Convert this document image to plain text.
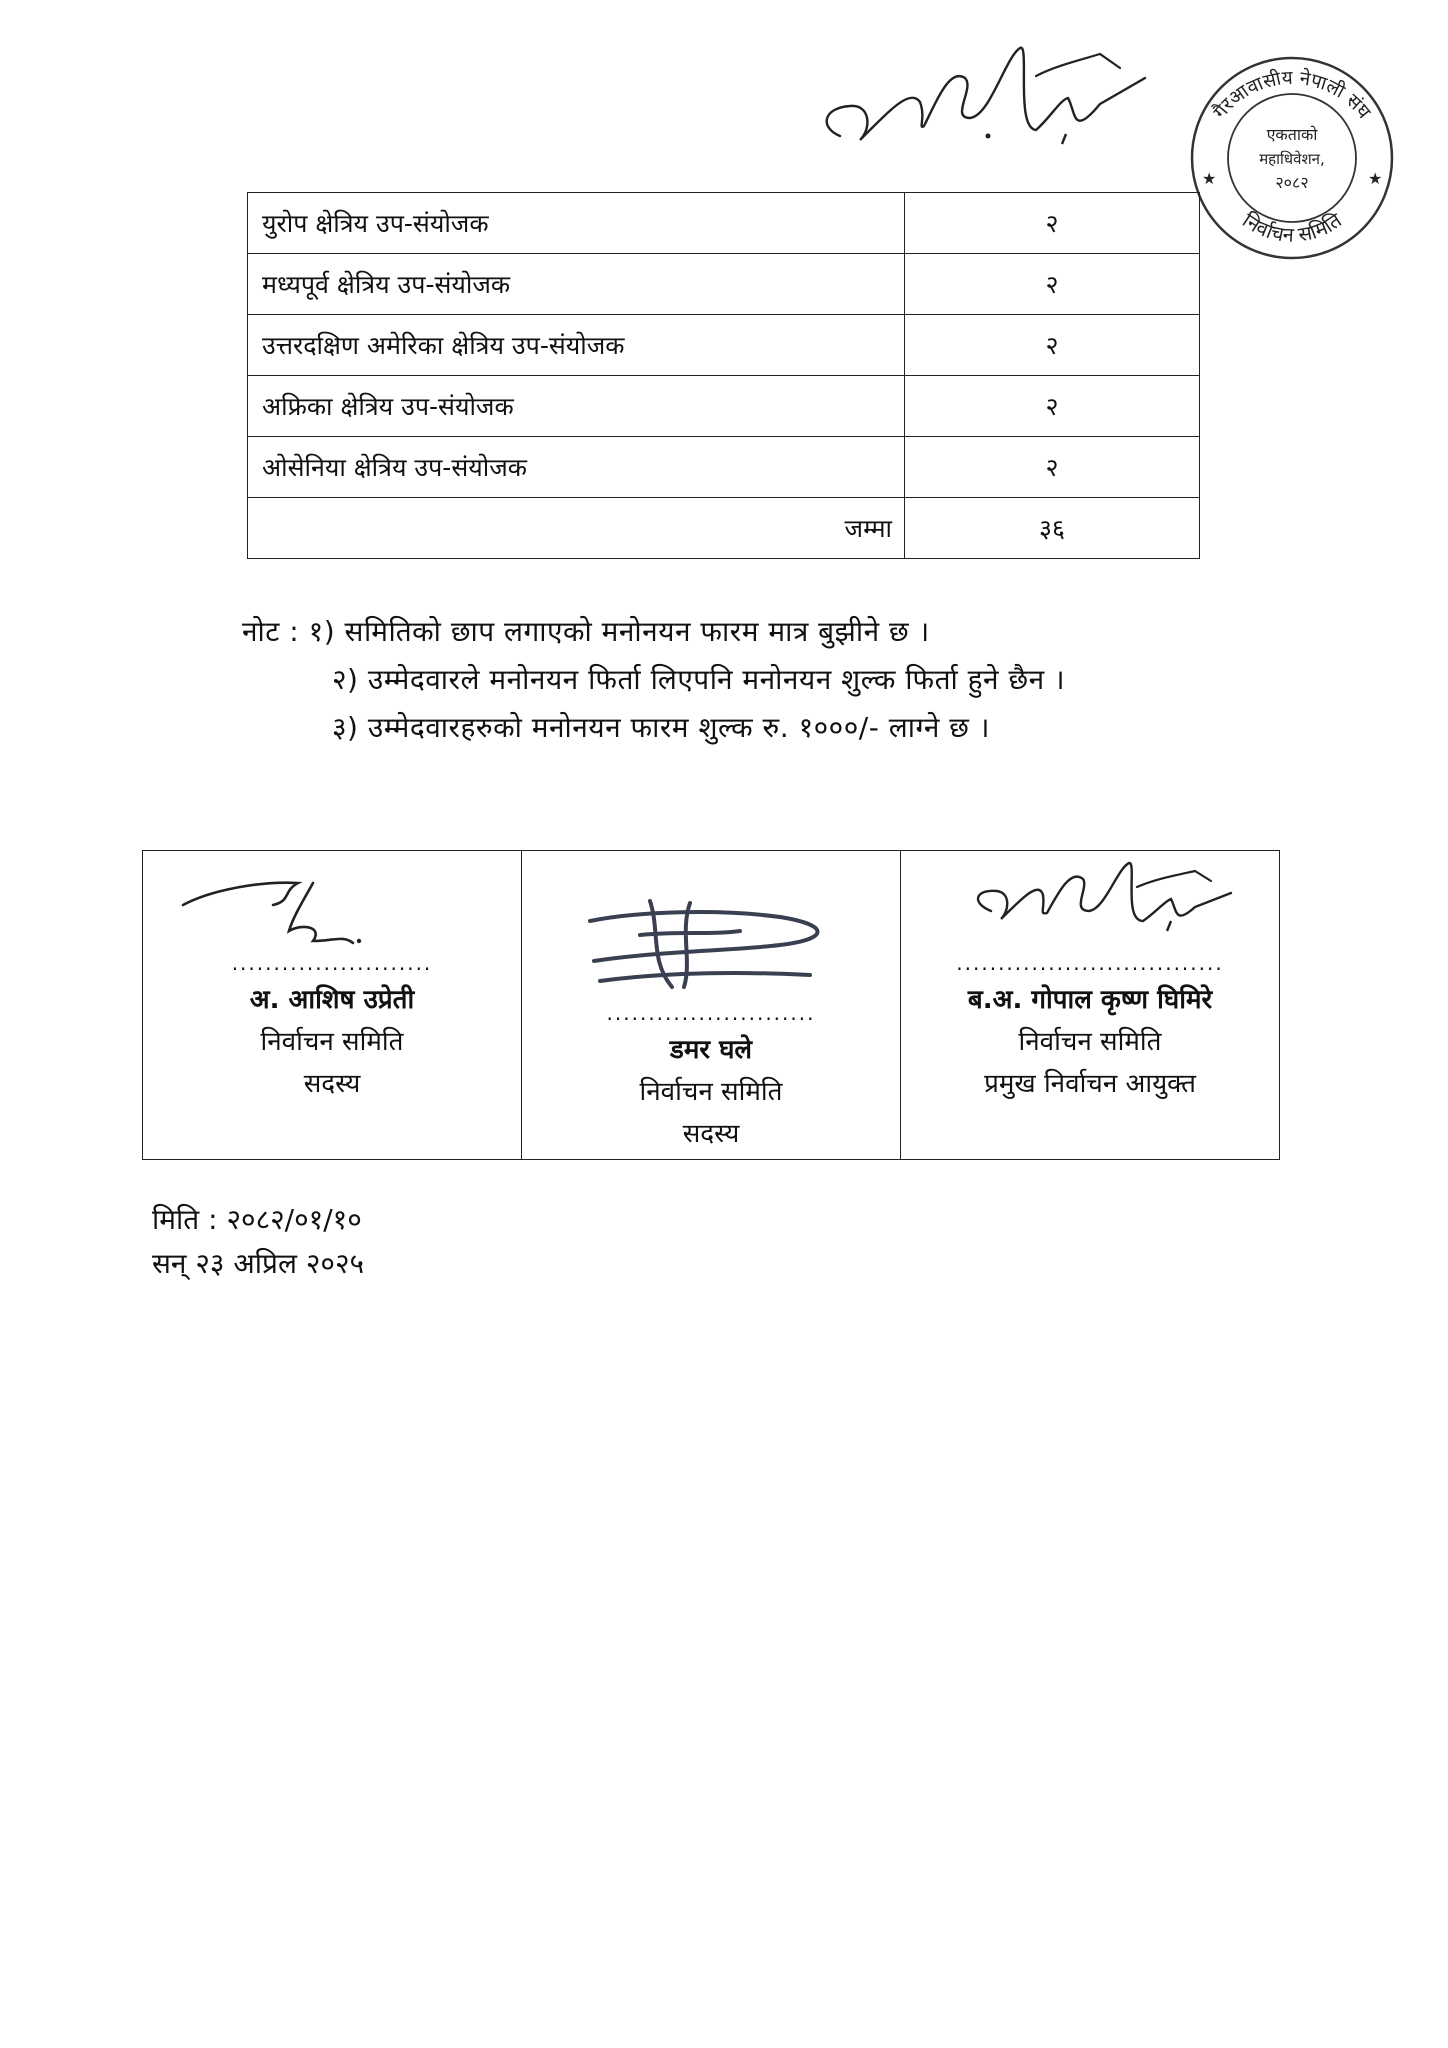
गैरआवासीय नेपाली संघ
निर्वाचन समिति
एकताको
महाधिवेशन,
२०८२
★	★
युरोप क्षेत्रिय उप-संयोजक	२
मध्यपूर्व क्षेत्रिय उप-संयोजक	२
उत्तरदक्षिण अमेरिका क्षेत्रिय उप-संयोजक	२
अफ्रिका क्षेत्रिय उप-संयोजक	२
ओसेनिया क्षेत्रिय उप-संयोजक	२
जम्मा	३६
नोट : १) समितिको छाप लगाएको मनोनयन फारम मात्र बुझीने छ ।
२) उम्मेदवारले मनोनयन फिर्ता लिएपनि मनोनयन शुल्क फिर्ता हुने छैन ।
३) उम्मेदवारहरुको मनोनयन फारम शुल्क रु. १०००/- लाग्ने छ ।
........................
अ. आशिष उप्रेती
निर्वाचन समिति
सदस्य

.........................
डमर घले
निर्वाचन समिति
सदस्य

................................
ब.अ. गोपाल कृष्ण घिमिरे
निर्वाचन समिति
प्रमुख निर्वाचन आयुक्त
मिति : २०८२/०१/१०
सन् २३ अप्रिल २०२५
